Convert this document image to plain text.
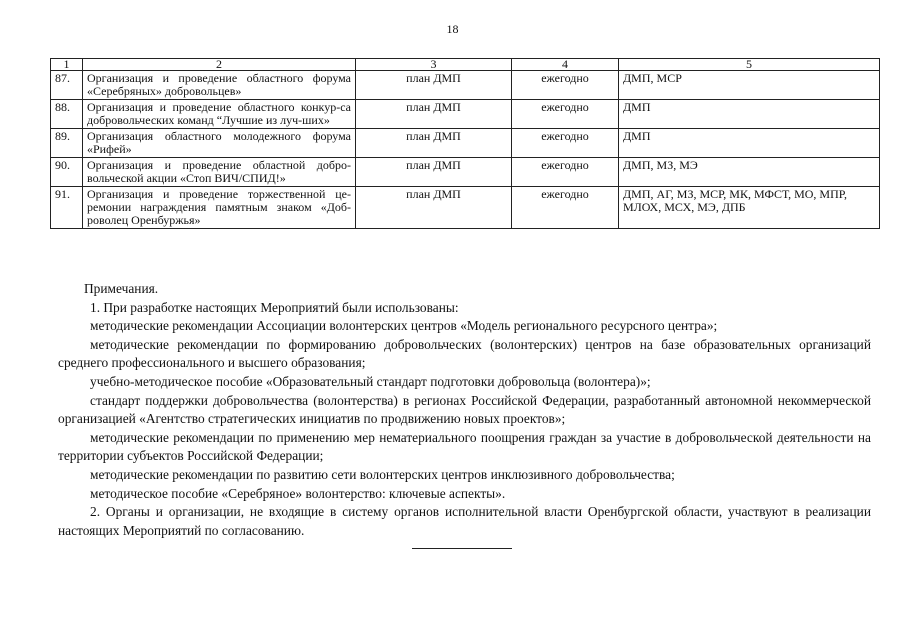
18
1	2	3	4	5
87.	Организация и проведение областного форума «Серебряных» добровольцев»	план ДМП	ежегодно	ДМП, МСР
88.	Организация и проведение областного конкур-са добровольческих команд “Лучшие из луч-ших»	план ДМП	ежегодно	ДМП
89.	Организация областного молодежного форума «Рифей»	план ДМП	ежегодно	ДМП
90.	Организация и проведение областной добро-вольческой акции «Стоп ВИЧ/СПИД!»	план ДМП	ежегодно	ДМП, МЗ, МЭ
91.	Организация и проведение торжественной це-ремонии награждения памятным знаком «Доб-роволец Оренбуржья»	план ДМП	ежегодно	ДМП, АГ, МЗ, МСР, МК, МФСТ, МО, МПР, МЛОХ, МСХ, МЭ, ДПБ

Примечания.

1. При разработке настоящих Мероприятий были использованы:

методические рекомендации Ассоциации волонтерских центров «Модель регионального ресурсного центра»;

методические рекомендации по формированию добровольческих (волонтерских) центров на базе образовательных организаций среднего профессионального и высшего образования;

учебно-методическое пособие «Образовательный стандарт подготовки добровольца (волонтера)»;

стандарт поддержки добровольчества (волонтерства) в регионах Российской Федерации, разработанный автономной некоммерческой организацией «Агентство стратегических инициатив по продвижению новых проектов»;

методические рекомендации по применению мер нематериального поощрения граждан за участие в добровольческой деятельности на территории субъектов Российской Федерации;

методические рекомендации по развитию сети волонтерских центров инклюзивного добровольчества;

методическое пособие «Серебряное» волонтерство: ключевые аспекты».

2. Органы и организации, не входящие в систему органов исполнительной власти Оренбургской области, участвуют в реализации настоящих Мероприятий по согласованию.
